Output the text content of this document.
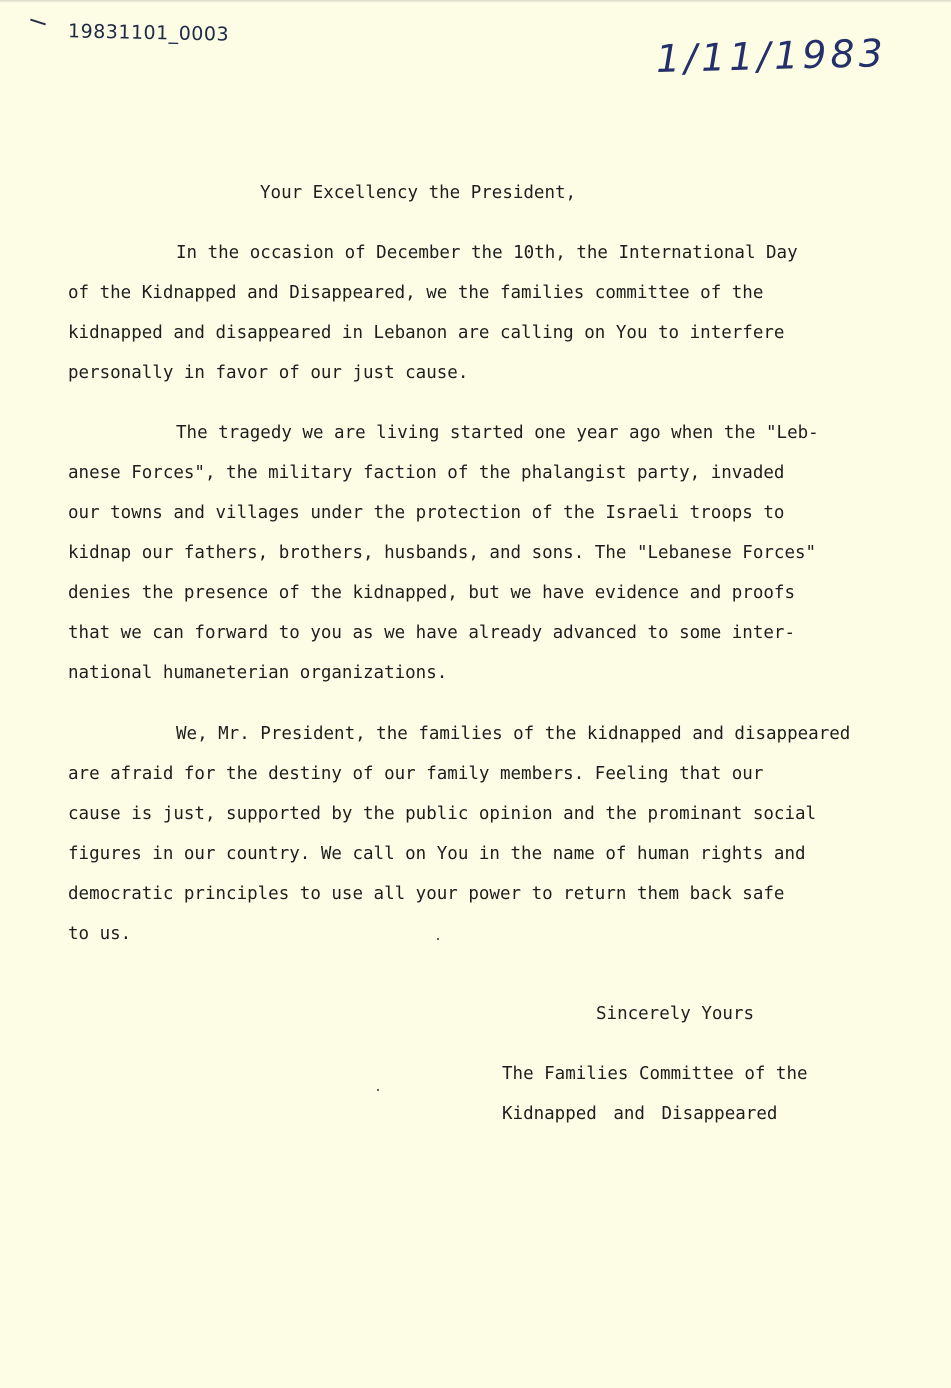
19831101_0003	1/11/1983
Your Excellency the President,
In the occasion of December the 10th, the International Day
of the Kidnapped and Disappeared, we the families committee of the
kidnapped and disappeared in Lebanon are calling on You to interfere
personally in favor of our just cause.
The tragedy we are living started one year ago when the "Leb-
anese Forces", the military faction of the phalangist party, invaded
our towns and villages under the protection of the Israeli troops to
kidnap our fathers, brothers, husbands, and sons. The "Lebanese Forces"
denies the presence of the kidnapped, but we have evidence and proofs
that we can forward to you as we have already advanced to some inter-
national humaneterian organizations.
We, Mr. President, the families of the kidnapped and disappeared
are afraid for the destiny of our family members. Feeling that our
cause is just, supported by the public opinion and the prominant social
figures in our country. We call on You in the name of human rights and
democratic principles to use all your power to return them back safe
to us.
Sincerely Yours
The Families Committee of the
Kidnapped and Disappeared
